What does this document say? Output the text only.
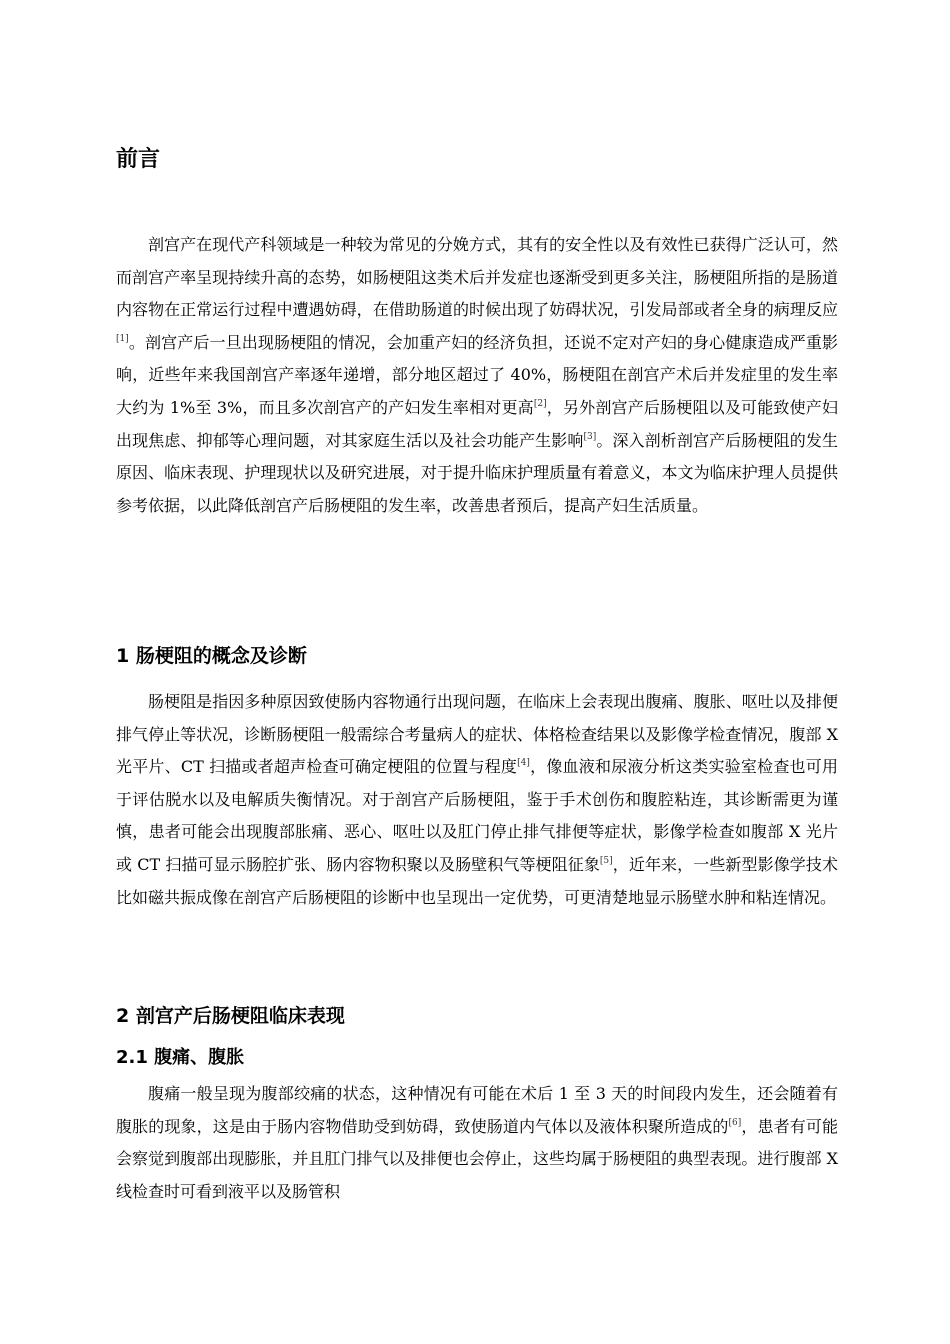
前言

剖宫产在现代产科领域是一种较为常见的分娩方式，其有的安全性以及有效性已获得广泛认可，然而剖宫产率呈现持续升高的态势，如肠梗阻这类术后并发症也逐渐受到更多关注，肠梗阻所指的是肠道内容物在正常运行过程中遭遇妨碍，在借助肠道的时候出现了妨碍状况，引发局部或者全身的病理反应[1]。剖宫产后一旦出现肠梗阻的情况，会加重产妇的经济负担，还说不定对产妇的身心健康造成严重影响，近些年来我国剖宫产率逐年递增，部分地区超过了 40%，肠梗阻在剖宫产术后并发症里的发生率大约为 1%至 3%，而且多次剖宫产的产妇发生率相对更高[2]，另外剖宫产后肠梗阻以及可能致使产妇出现焦虑、抑郁等心理问题，对其家庭生活以及社会功能产生影响[3]。深入剖析剖宫产后肠梗阻的发生原因、临床表现、护理现状以及研究进展，对于提升临床护理质量有着意义，本文为临床护理人员提供参考依据，以此降低剖宫产后肠梗阻的发生率，改善患者预后，提高产妇生活质量。

1 肠梗阻的概念及诊断

肠梗阻是指因多种原因致使肠内容物通行出现问题，在临床上会表现出腹痛、腹胀、呕吐以及排便排气停止等状况，诊断肠梗阻一般需综合考量病人的症状、体格检查结果以及影像学检查情况，腹部 X 光平片、CT 扫描或者超声检查可确定梗阻的位置与程度[4]，像血液和尿液分析这类实验室检查也可用于评估脱水以及电解质失衡情况。对于剖宫产后肠梗阻，鉴于手术创伤和腹腔粘连，其诊断需更为谨慎，患者可能会出现腹部胀痛、恶心、呕吐以及肛门停止排气排便等症状，影像学检查如腹部 X 光片或 CT 扫描可显示肠腔扩张、肠内容物积聚以及肠壁积气等梗阻征象[5]，近年来，一些新型影像学技术比如磁共振成像在剖宫产后肠梗阻的诊断中也呈现出一定优势，可更清楚地显示肠壁水肿和粘连情况。

2 剖宫产后肠梗阻临床表现
2.1 腹痛、腹胀

腹痛一般呈现为腹部绞痛的状态，这种情况有可能在术后 1 至 3 天的时间段内发生，还会随着有腹胀的现象，这是由于肠内容物借助受到妨碍，致使肠道内气体以及液体积聚所造成的[6]，患者有可能会察觉到腹部出现膨胀，并且肛门排气以及排便也会停止，这些均属于肠梗阻的典型表现。进行腹部 X 线检查时可看到液平以及肠管积
